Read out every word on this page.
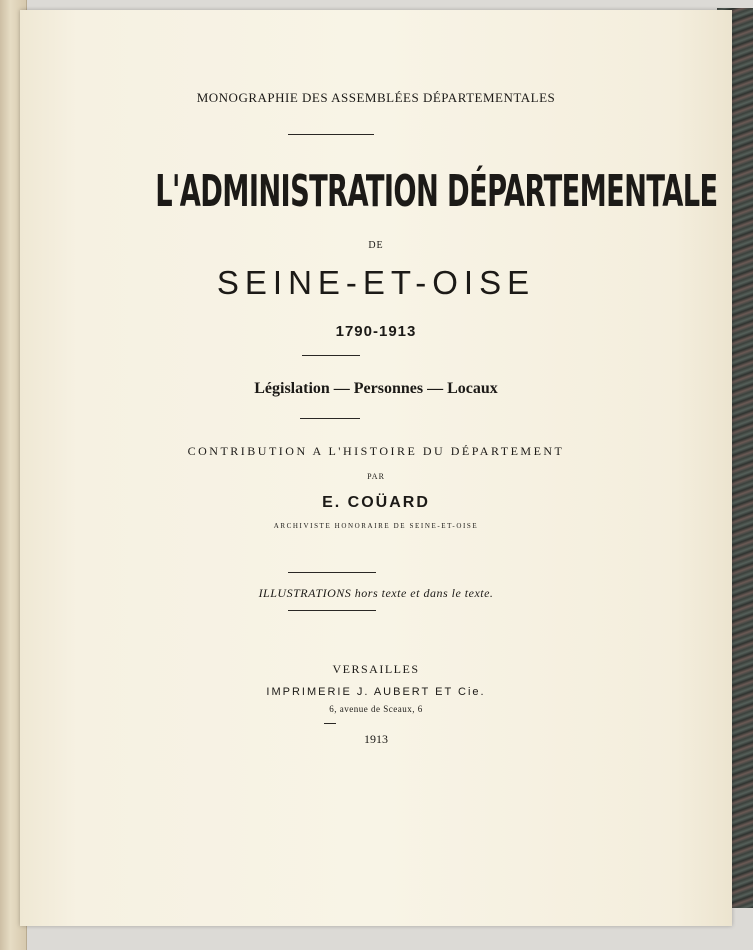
MONOGRAPHIE DES ASSEMBLÉES DÉPARTEMENTALES
L'ADMINISTRATION DÉPARTEMENTALE
DE
SEINE-ET-OISE
1790-1913
Législation — Personnes — Locaux
CONTRIBUTION A L'HISTOIRE DU DÉPARTEMENT
PAR
E. COÜARD
ARCHIVISTE HONORAIRE DE SEINE-ET-OISE
ILLUSTRATIONS hors texte et dans le texte.
VERSAILLES
IMPRIMERIE J. AUBERT ET Cie.
6, avenue de Sceaux, 6
1913
